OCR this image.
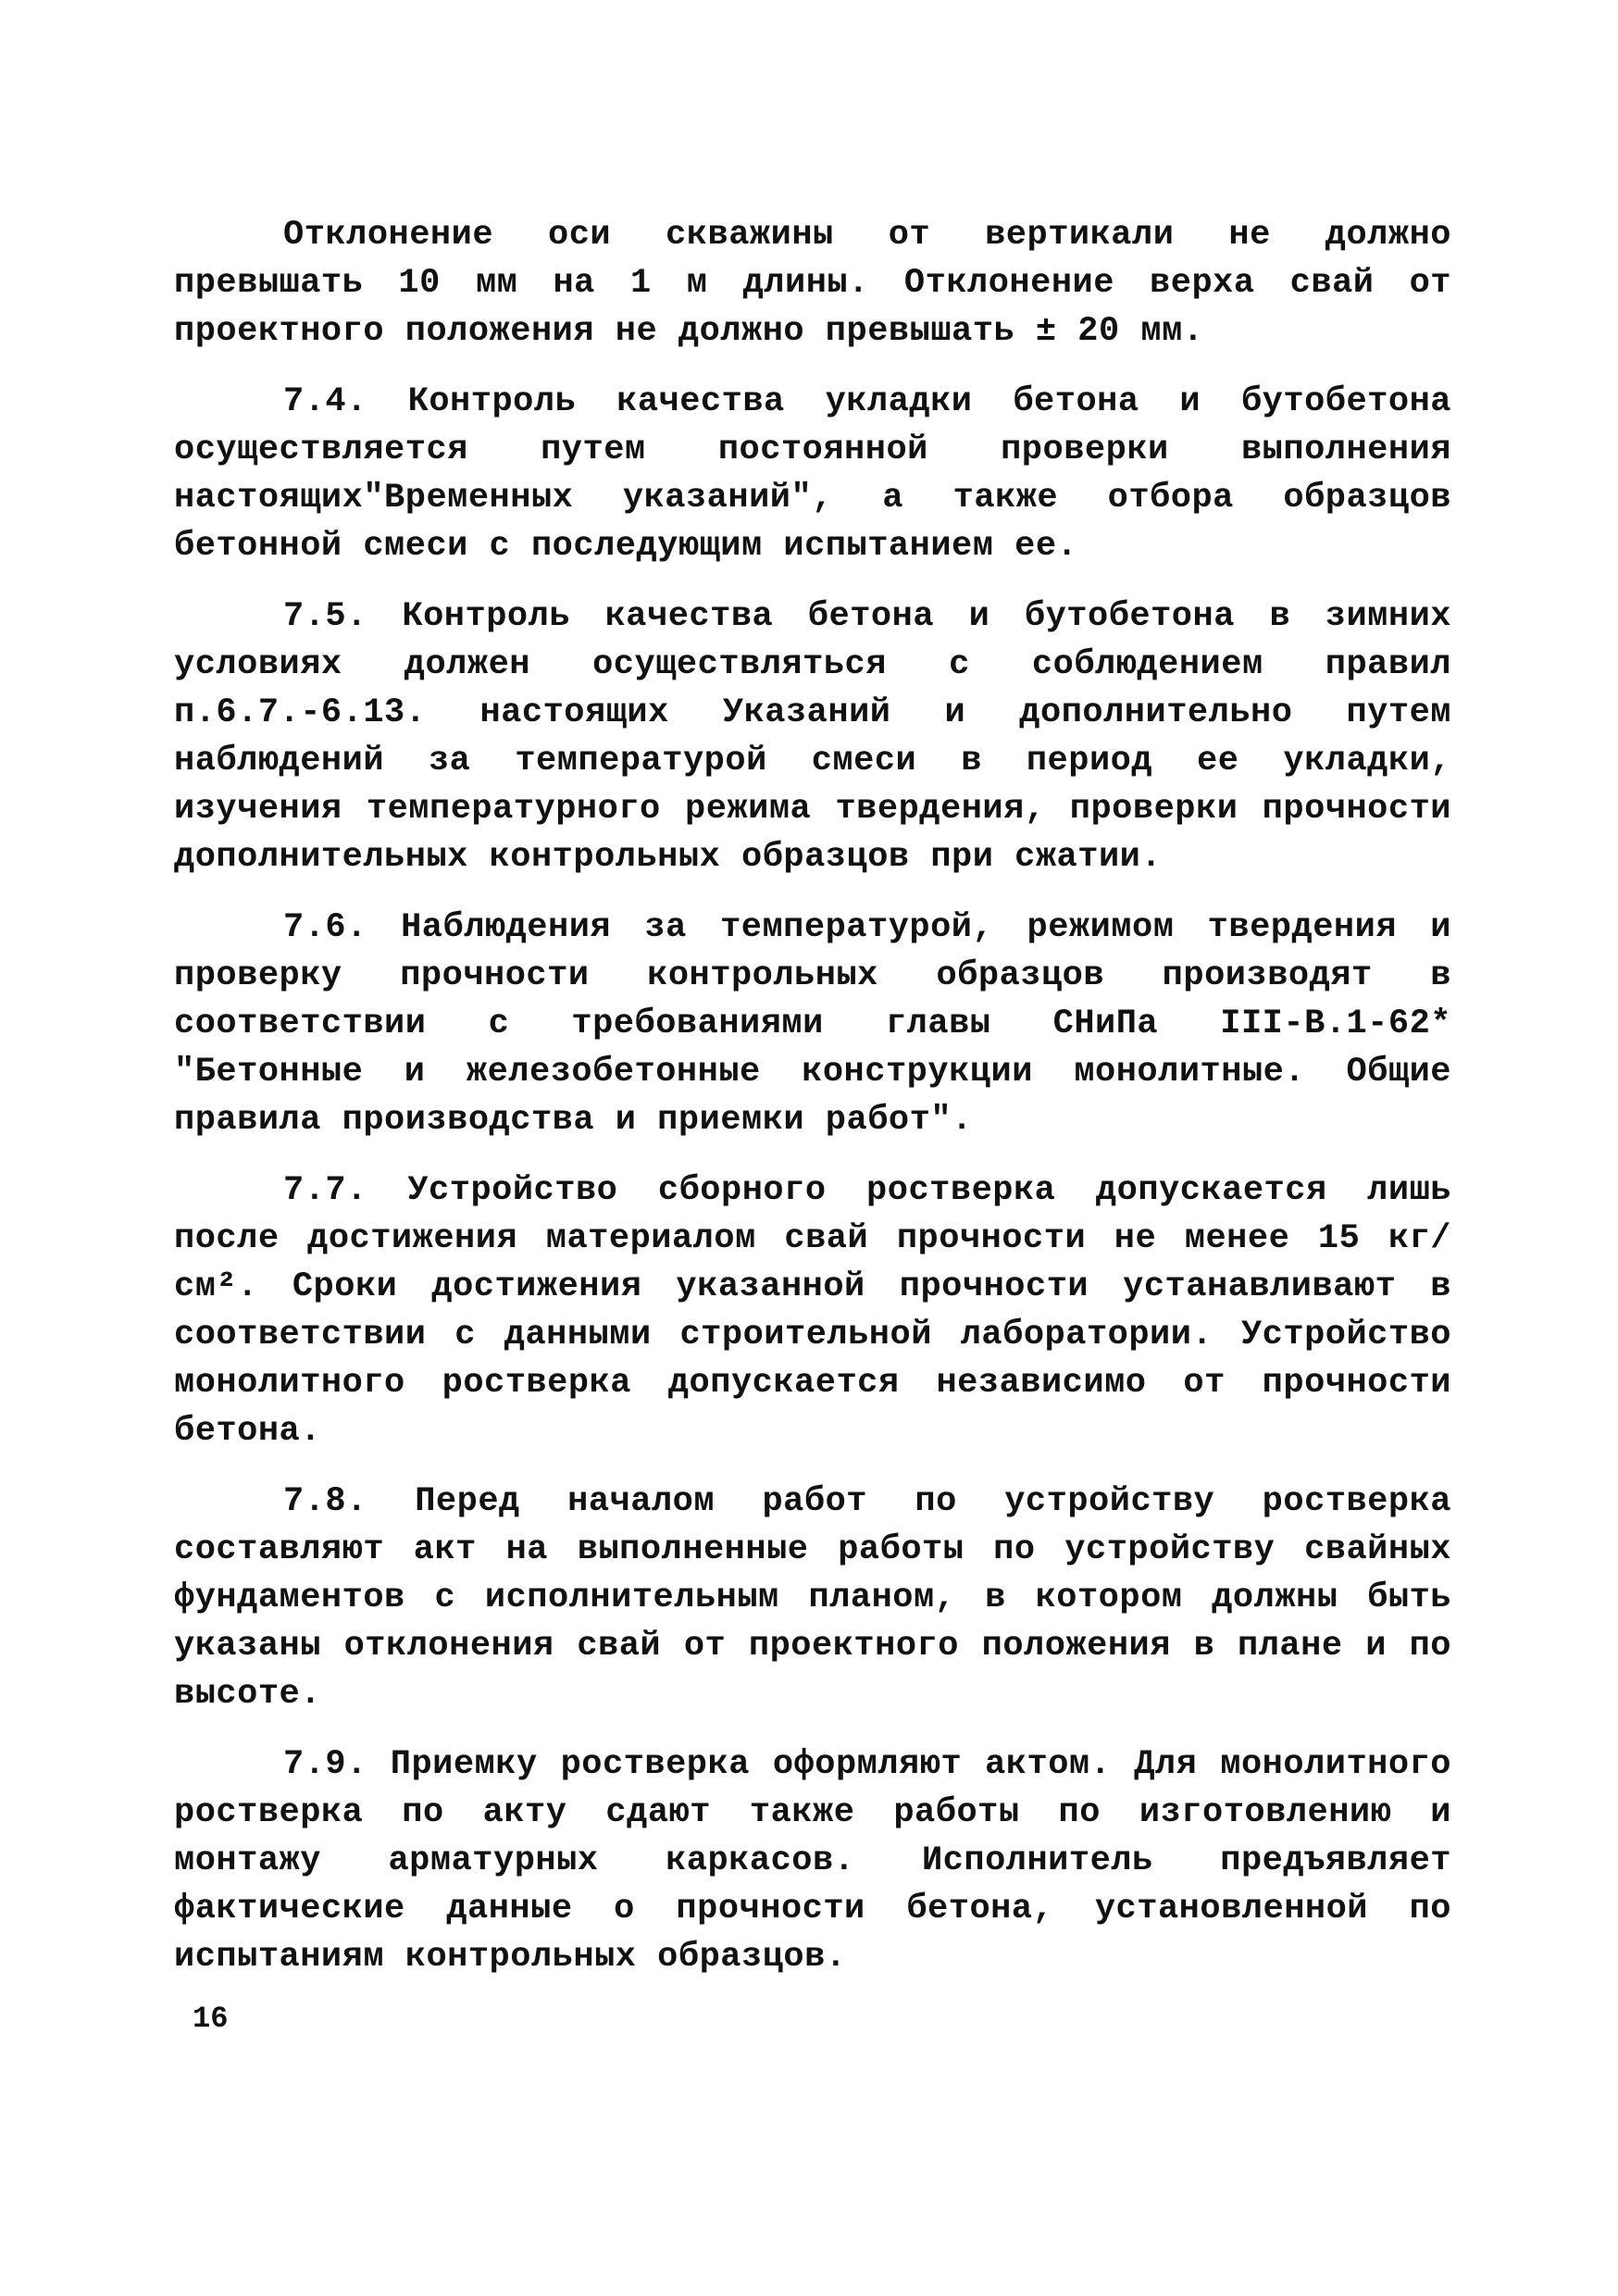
Отклонение оси скважины от вертикали не должно превышать 10 мм на 1 м длины. Отклонение верха свай от проектного положения не должно превышать ± 20 мм.

7.4. Контроль качества укладки бетона и бутобетона осуществляется путем постоянной проверки выполнения настоящих"Временных указаний", а также отбора образцов бетонной смеси с последующим испытанием ее.

7.5. Контроль качества бетона и бутобетона в зимних условиях должен осуществляться с соблюдением правил п.6.7.-6.13. настоящих Указаний и дополнительно путем наблюдений за температурой смеси в период ее укладки, изучения температурного режима твердения, проверки прочности дополнительных контрольных образцов при сжатии.

7.6. Наблюдения за температурой, режимом твердения и проверку прочности контрольных образцов производят в соответствии с требованиями главы СНиПа III-В.1-62* "Бетонные и железобетонные конструкции монолитные. Общие правила производства и приемки работ".

7.7. Устройство сборного ростверка допускается лишь после достижения материалом свай прочности не менее 15 кг/см². Сроки достижения указанной прочности устанавливают в соответствии с данными строительной лаборатории. Устройство монолитного ростверка допускается независимо от прочности бетона.

7.8. Перед началом работ по устройству ростверка составляют акт на выполненные работы по устройству свайных фундаментов с исполнительным планом, в котором должны быть указаны отклонения свай от проектного положения в плане и по высоте.

7.9. Приемку ростверка оформляют актом. Для монолитного ростверка по акту сдают также работы по изготовлению и монтажу арматурных каркасов. Исполнитель предъявляет фактические данные о прочности бетона, установленной по испытаниям контрольных образцов.

16
